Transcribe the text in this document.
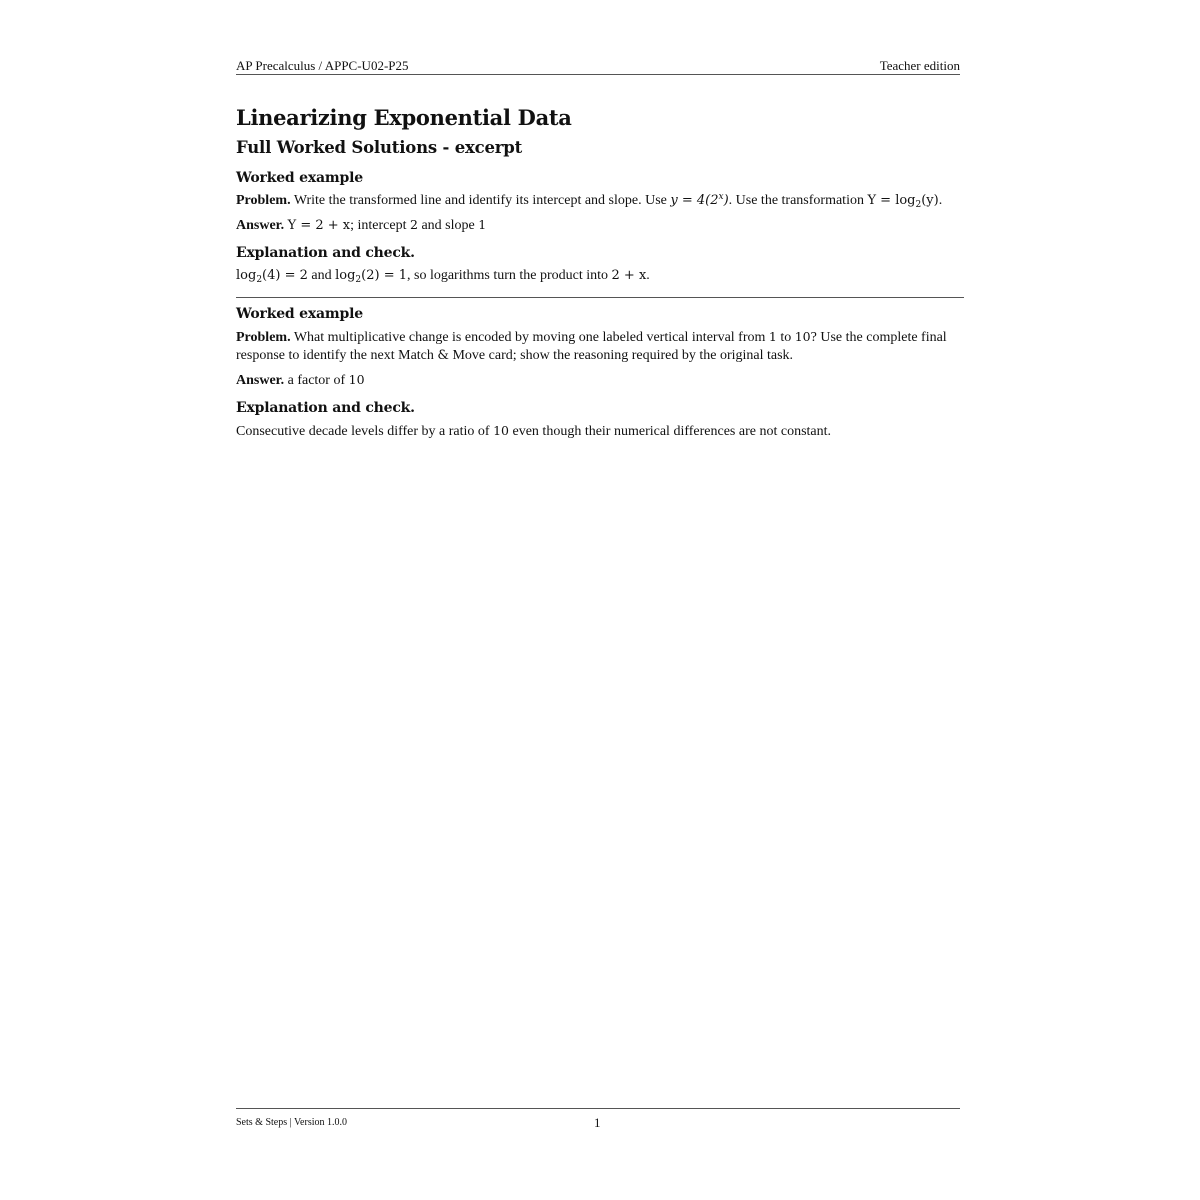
AP Precalculus / APPC-U02-P25	Teacher edition
Linearizing Exponential Data
Full Worked Solutions - excerpt
Worked example

Problem. Write the transformed line and identify its intercept and slope. Use $y = 4(2^x)$. Use the transformation $Y = \log_2(y)$.

Answer. Y = 2 + x; intercept 2 and slope 1

Explanation and check.

$\log_2(4) = 2$ and $\log_2(2) = 1$, so logarithms turn the product into 2 + x.

Worked example

Problem. What multiplicative change is encoded by moving one labeled vertical interval from 1 to 10? Use the complete final response to identify the next Match & Move card; show the reasoning required by the original task.

Answer. a factor of 10

Explanation and check.

Consecutive decade levels differ by a ratio of 10 even though their numerical differences are not constant.

Sets & Steps | Version 1.0.0	1
